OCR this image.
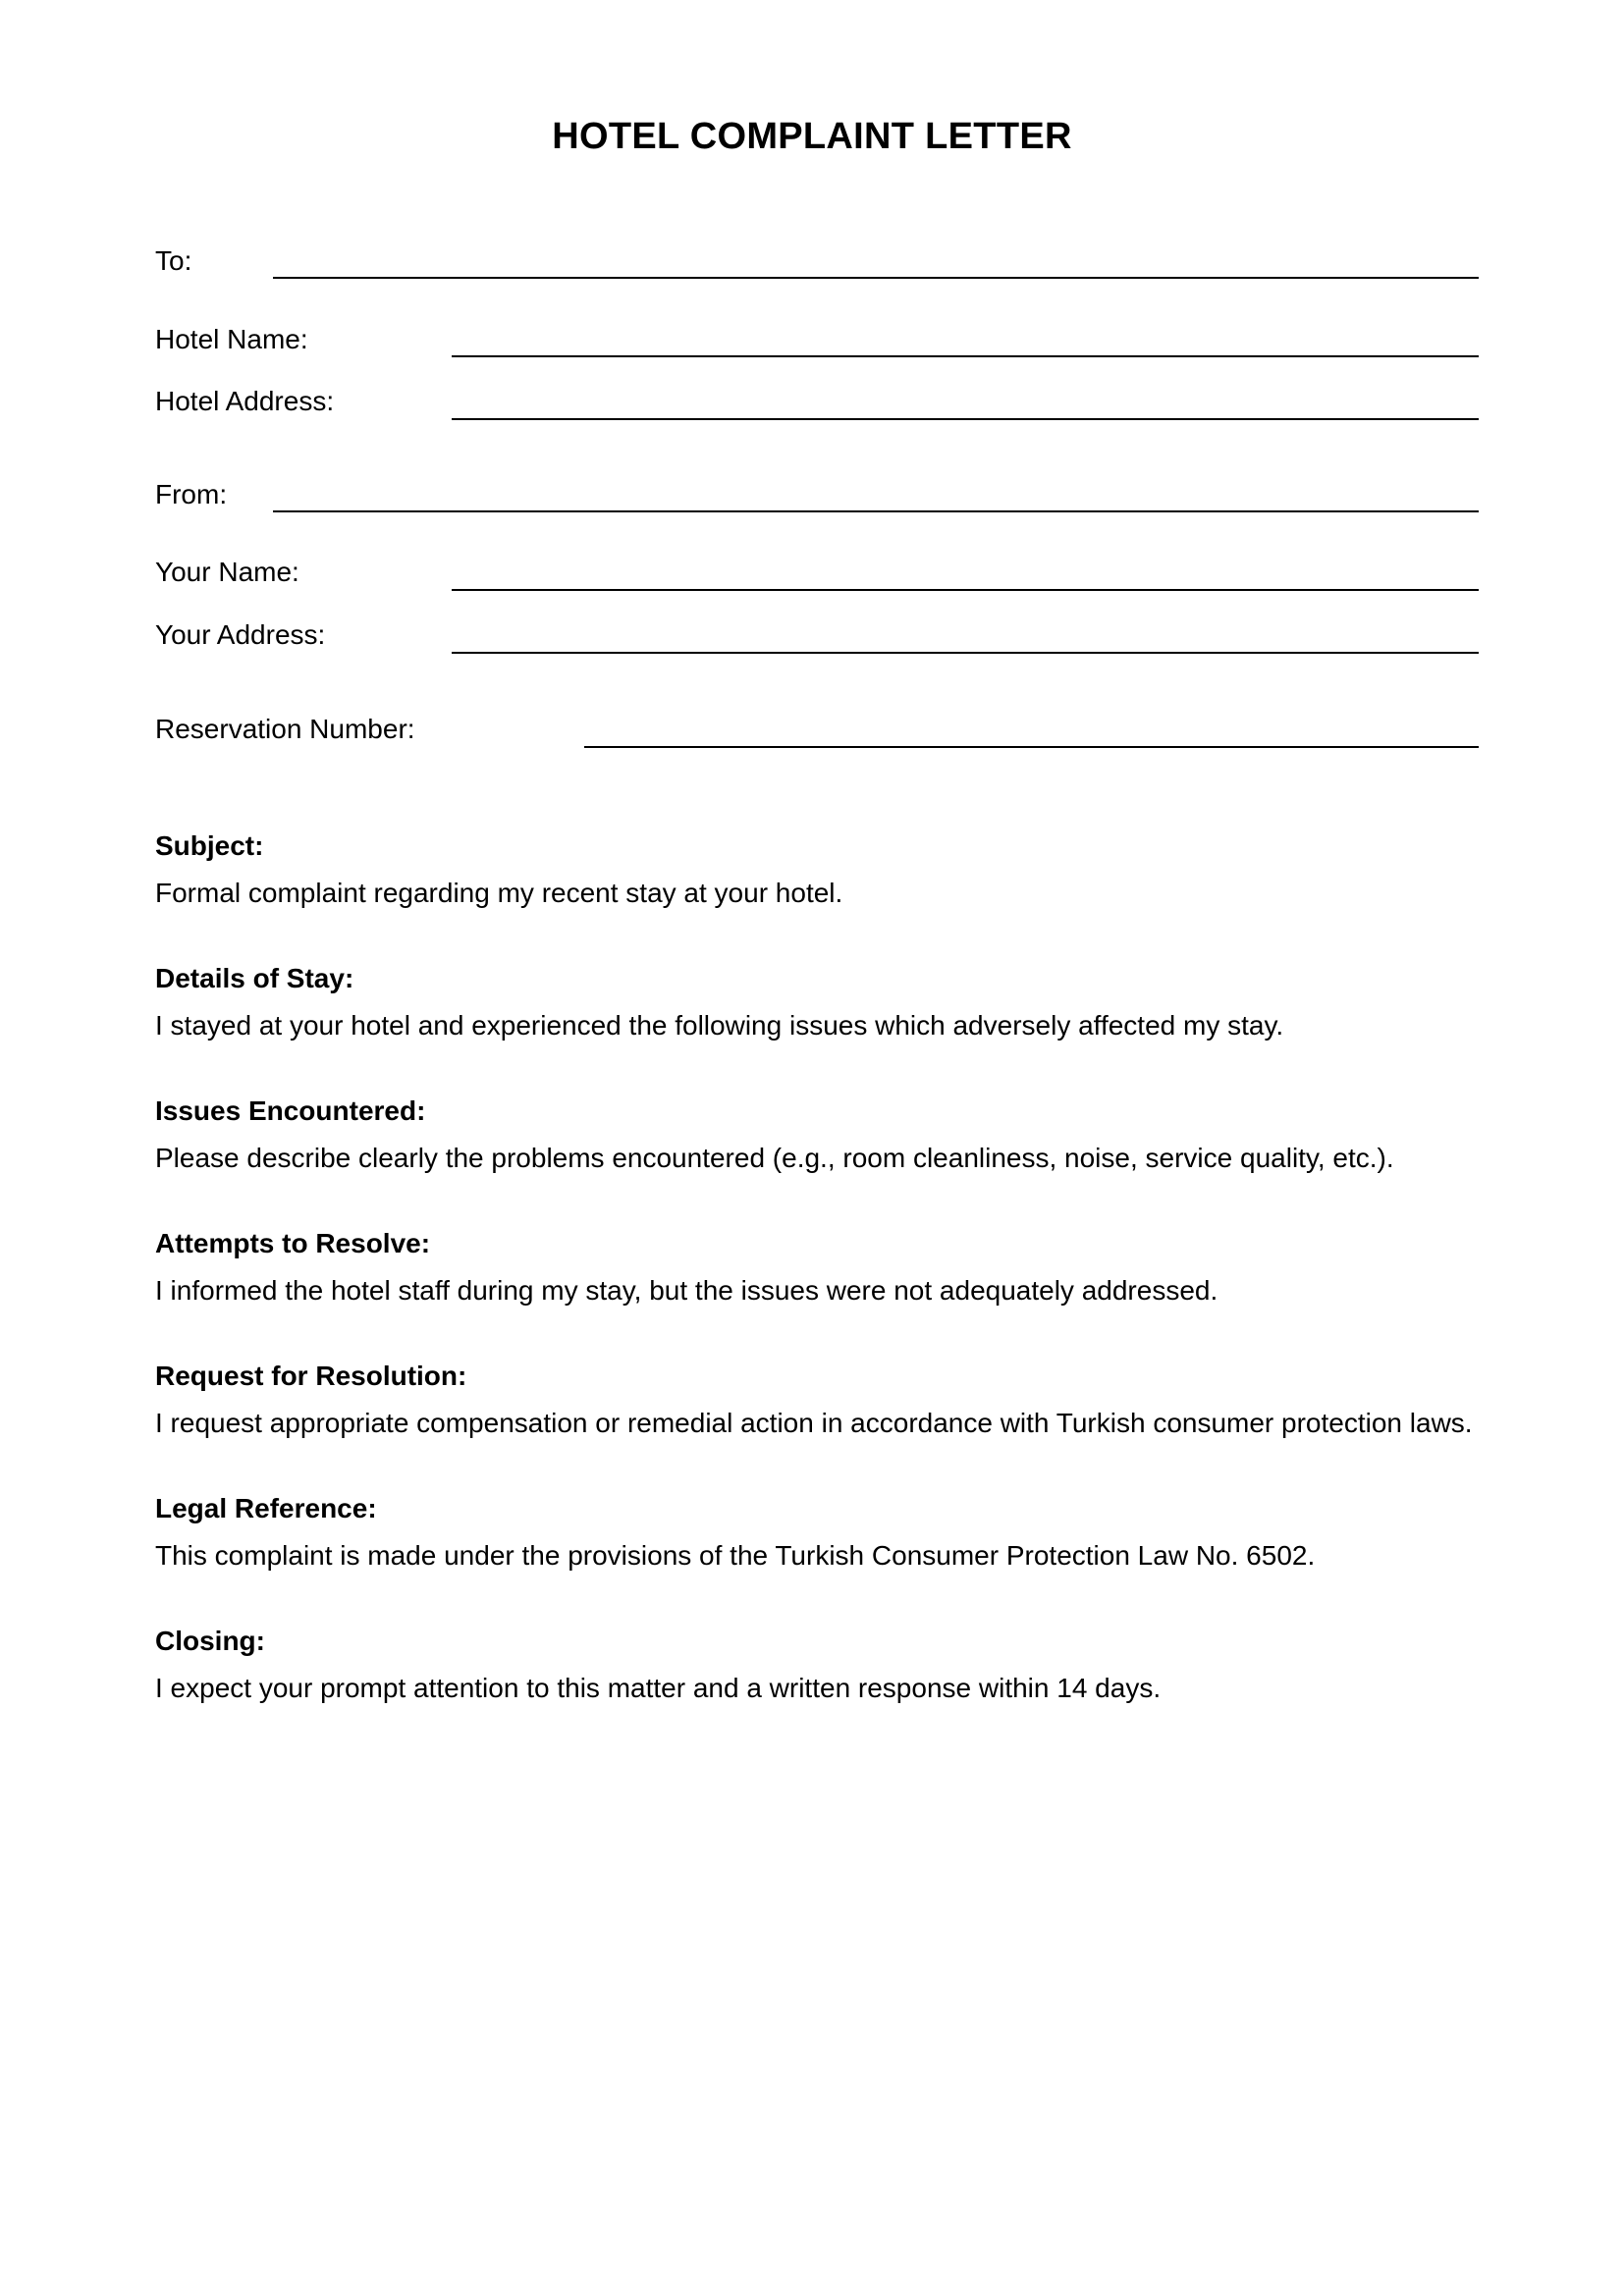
HOTEL COMPLAINT LETTER
To:
Hotel Name:
Hotel Address:
From:
Your Name:
Your Address:
Reservation Number:
Subject:
Formal complaint regarding my recent stay at your hotel.
Details of Stay:
I stayed at your hotel and experienced the following issues which adversely affected my stay.
Issues Encountered:
Please describe clearly the problems encountered (e.g., room cleanliness, noise, service quality, etc.).
Attempts to Resolve:
I informed the hotel staff during my stay, but the issues were not adequately addressed.
Request for Resolution:
I request appropriate compensation or remedial action in accordance with Turkish consumer protection laws.
Legal Reference:
This complaint is made under the provisions of the Turkish Consumer Protection Law No. 6502.
Closing:
I expect your prompt attention to this matter and a written response within 14 days.
